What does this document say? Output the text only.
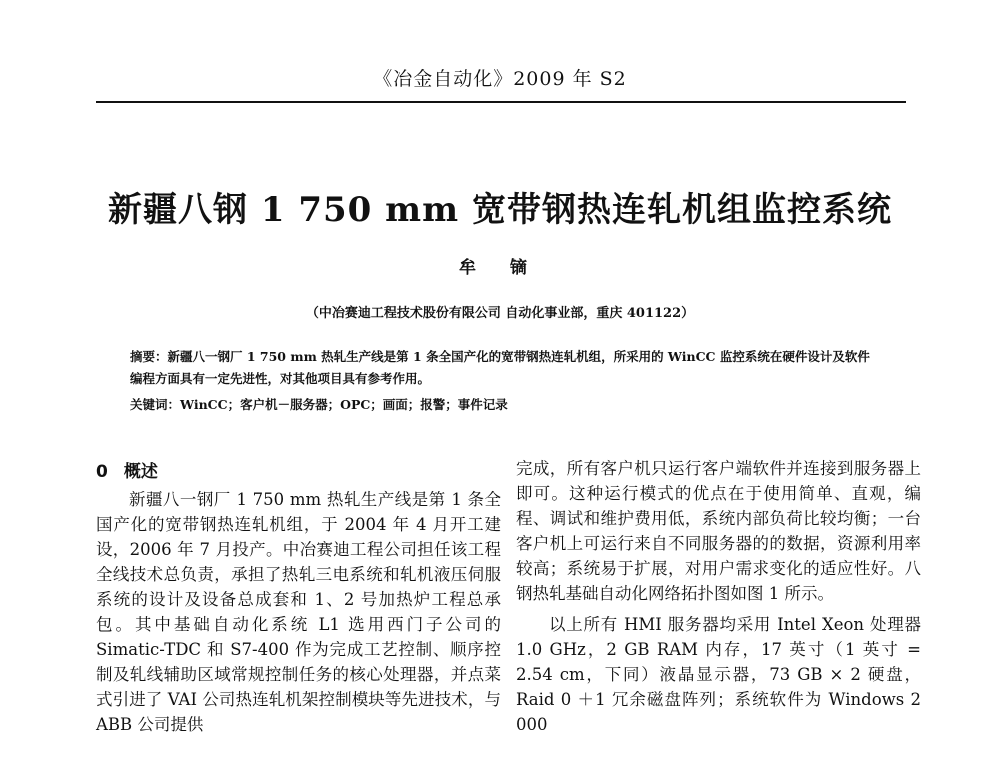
《冶金自动化》2009 年 S2
新疆八钢 1 750 mm 宽带钢热连轧机组监控系统
牟 镝
（中冶赛迪工程技术股份有限公司 自动化事业部，重庆 401122）
摘要：新疆八一钢厂 1 750 mm 热轧生产线是第 1 条全国产化的宽带钢热连轧机组，所采用的 WinCC 监控系统在硬件设计及软件编程方面具有一定先进性，对其他项目具有参考作用。
关键词：WinCC；客户机－服务器；OPC；画面；报警；事件记录
0 概述

新疆八一钢厂 1 750 mm 热轧生产线是第 1 条全国产化的宽带钢热连轧机组，于 2004 年 4 月开工建设，2006 年 7 月投产。中冶赛迪工程公司担任该工程全线技术总负责，承担了热轧三电系统和轧机液压伺服系统的设计及设备总成套和 1、2 号加热炉工程总承包。其中基础自动化系统 L1 选用西门子公司的 Simatic-TDC 和 S7-400 作为完成工艺控制、顺序控制及轧线辅助区域常规控制任务的核心处理器，并点菜式引进了 VAI 公司热连轧机架控制模块等先进技术，与 ABB 公司提供

完成，所有客户机只运行客户端软件并连接到服务器上即可。这种运行模式的优点在于使用简单、直观，编程、调试和维护费用低，系统内部负荷比较均衡；一台客户机上可运行来自不同服务器的的数据，资源利用率较高；系统易于扩展，对用户需求变化的适应性好。八钢热轧基础自动化网络拓扑图如图 1 所示。

以上所有 HMI 服务器均采用 Intel Xeon 处理器 1.0 GHz，2 GB RAM 内存，17 英寸（1 英寸 = 2.54 cm，下同）液晶显示器，73 GB × 2 硬盘，Raid 0 ＋1 冗余磁盘阵列；系统软件为 Windows 2 000
